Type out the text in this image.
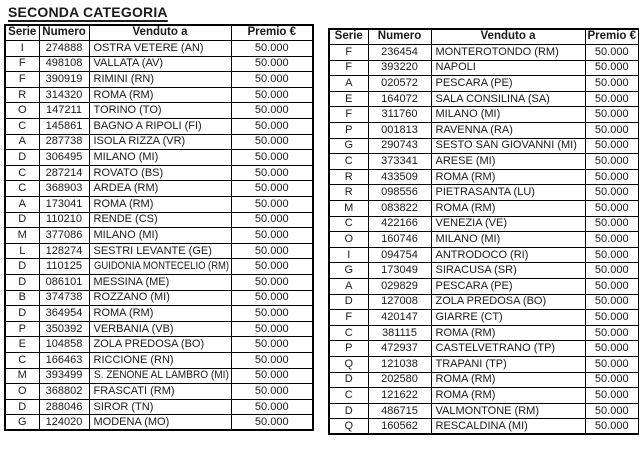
SECONDA CATEGORIA
Serie	Numero	Venduto a	Premio €
I	274888	OSTRA VETERE (AN)	50.000
F	498108	VALLATA (AV)	50.000
F	390919	RIMINI (RN)	50.000
R	314320	ROMA (RM)	50.000
O	147211	TORINO (TO)	50.000
C	145861	BAGNO A RIPOLI (FI)	50.000
A	287738	ISOLA RIZZA (VR)	50.000
D	306495	MILANO (MI)	50.000
C	287214	ROVATO (BS)	50.000
C	368903	ARDEA (RM)	50.000
A	173041	ROMA (RM)	50.000
D	110210	RENDE (CS)	50.000
M	377086	MILANO (MI)	50.000
L	128274	SESTRI LEVANTE (GE)	50.000
D	110125	GUIDONIA MONTECELIO (RM)	50.000
D	086101	MESSINA (ME)	50.000
B	374738	ROZZANO (MI)	50.000
D	364954	ROMA (RM)	50.000
P	350392	VERBANIA (VB)	50.000
E	104858	ZOLA PREDOSA (BO)	50.000
C	166463	RICCIONE (RN)	50.000
M	393499	S. ZENONE AL LAMBRO (MI)	50.000
O	368802	FRASCATI (RM)	50.000
D	288046	SIROR (TN)	50.000
G	124020	MODENA (MO)	50.000
Serie	Numero	Venduto a	Premio €
F	236454	MONTEROTONDO (RM)	50.000
F	393220	NAPOLI	50.000
A	020572	PESCARA (PE)	50.000
E	164072	SALA CONSILINA (SA)	50.000
F	311760	MILANO (MI)	50.000
P	001813	RAVENNA (RA)	50.000
G	290743	SESTO SAN GIOVANNI (MI)	50.000
C	373341	ARESE (MI)	50.000
R	433509	ROMA (RM)	50.000
R	098556	PIETRASANTA (LU)	50.000
M	083822	ROMA (RM)	50.000
C	422166	VENEZIA (VE)	50.000
O	160746	MILANO (MI)	50.000
I	094754	ANTRODOCO (RI)	50.000
G	173049	SIRACUSA (SR)	50.000
A	029829	PESCARA (PE)	50.000
D	127008	ZOLA PREDOSA (BO)	50.000
F	420147	GIARRE (CT)	50.000
C	381115	ROMA (RM)	50.000
P	472937	CASTELVETRANO (TP)	50.000
Q	121038	TRAPANI (TP)	50.000
D	202580	ROMA (RM)	50.000
C	121622	ROMA (RM)	50.000
D	486715	VALMONTONE (RM)	50.000
Q	160562	RESCALDINA (MI)	50.000
